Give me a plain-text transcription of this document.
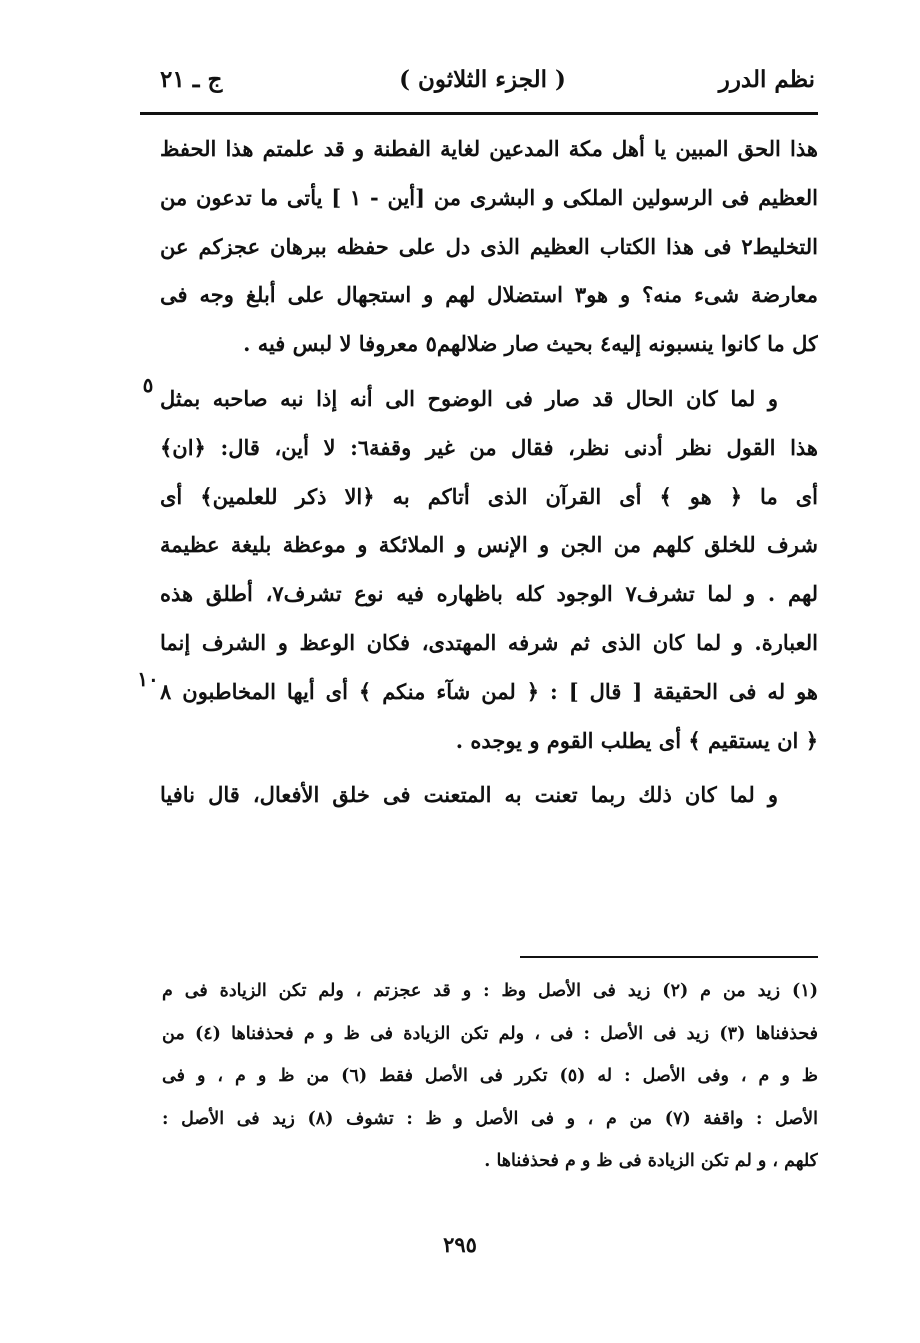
نظم الدرر
( الجزء الثلاثون )
ج ـ ٢١
هذا الحق المبين يا أهل مكة المدعين لغاية الفطنة و قد علمتم هذا الحفظ
العظيم فى الرسولين الملكى و البشرى من [أين - ١ ] يأتى ما تدعون من
التخليط٢ فى هذا الكتاب العظيم الذى دل على حفظه ببرهان عجزكم عن
معارضة شىء منه؟ و هو٣ استضلال لهم و استجهال على أبلغ وجه فى
كل ما كانوا ينسبونه إليه٤ بحيث صار ضلالهم٥ معروفا لا لبس فيه .
و لما كان الحال قد صار فى الوضوح الى أنه إذا نبه صاحبه بمثل
هذا القول نظر أدنى نظر، فقال من غير وقفة٦: لا أين، قال: ﴿ان﴾
أى ما ﴿ هو ﴾ أى القرآن الذى أتاكم به ﴿الا ذكر للعلمين﴾ أى
شرف للخلق كلهم من الجن و الإنس و الملائكة و موعظة بليغة عظيمة
لهم . و لما تشرف٧ الوجود كله باظهاره فيه نوع تشرف٧، أطلق هذه
العبارة. و لما كان الذى ثم شرفه المهتدى، فكان الوعظ و الشرف إنما
هو له فى الحقيقة [ قال ] : ﴿ لمن شآء منكم ﴾ أى أيها المخاطبون ٨
﴿ ان يستقيم ﴾ أى يطلب القوم و يوجده .
و لما كان ذلك ربما تعنت به المتعنت فى خلق الأفعال، قال نافيا
٥
١٠
(١) زيد من م (٢) زيد فى الأصل وظ : و قد عجزتم ، ولم تكن الزيادة فى م
فحذفناها (٣) زيد فى الأصل : فى ، ولم تكن الزيادة فى ظ و م فحذفناها (٤) من
ظ و م ، وفى الأصل : له (٥) تكرر فى الأصل فقط (٦) من ظ و م ، و فى
الأصل : واقفة (٧) من م ، و فى الأصل و ظ : تشوف (٨) زيد فى الأصل :
كلهم ، و لم تكن الزيادة فى ظ و م فحذفناها .
٢٩٥
